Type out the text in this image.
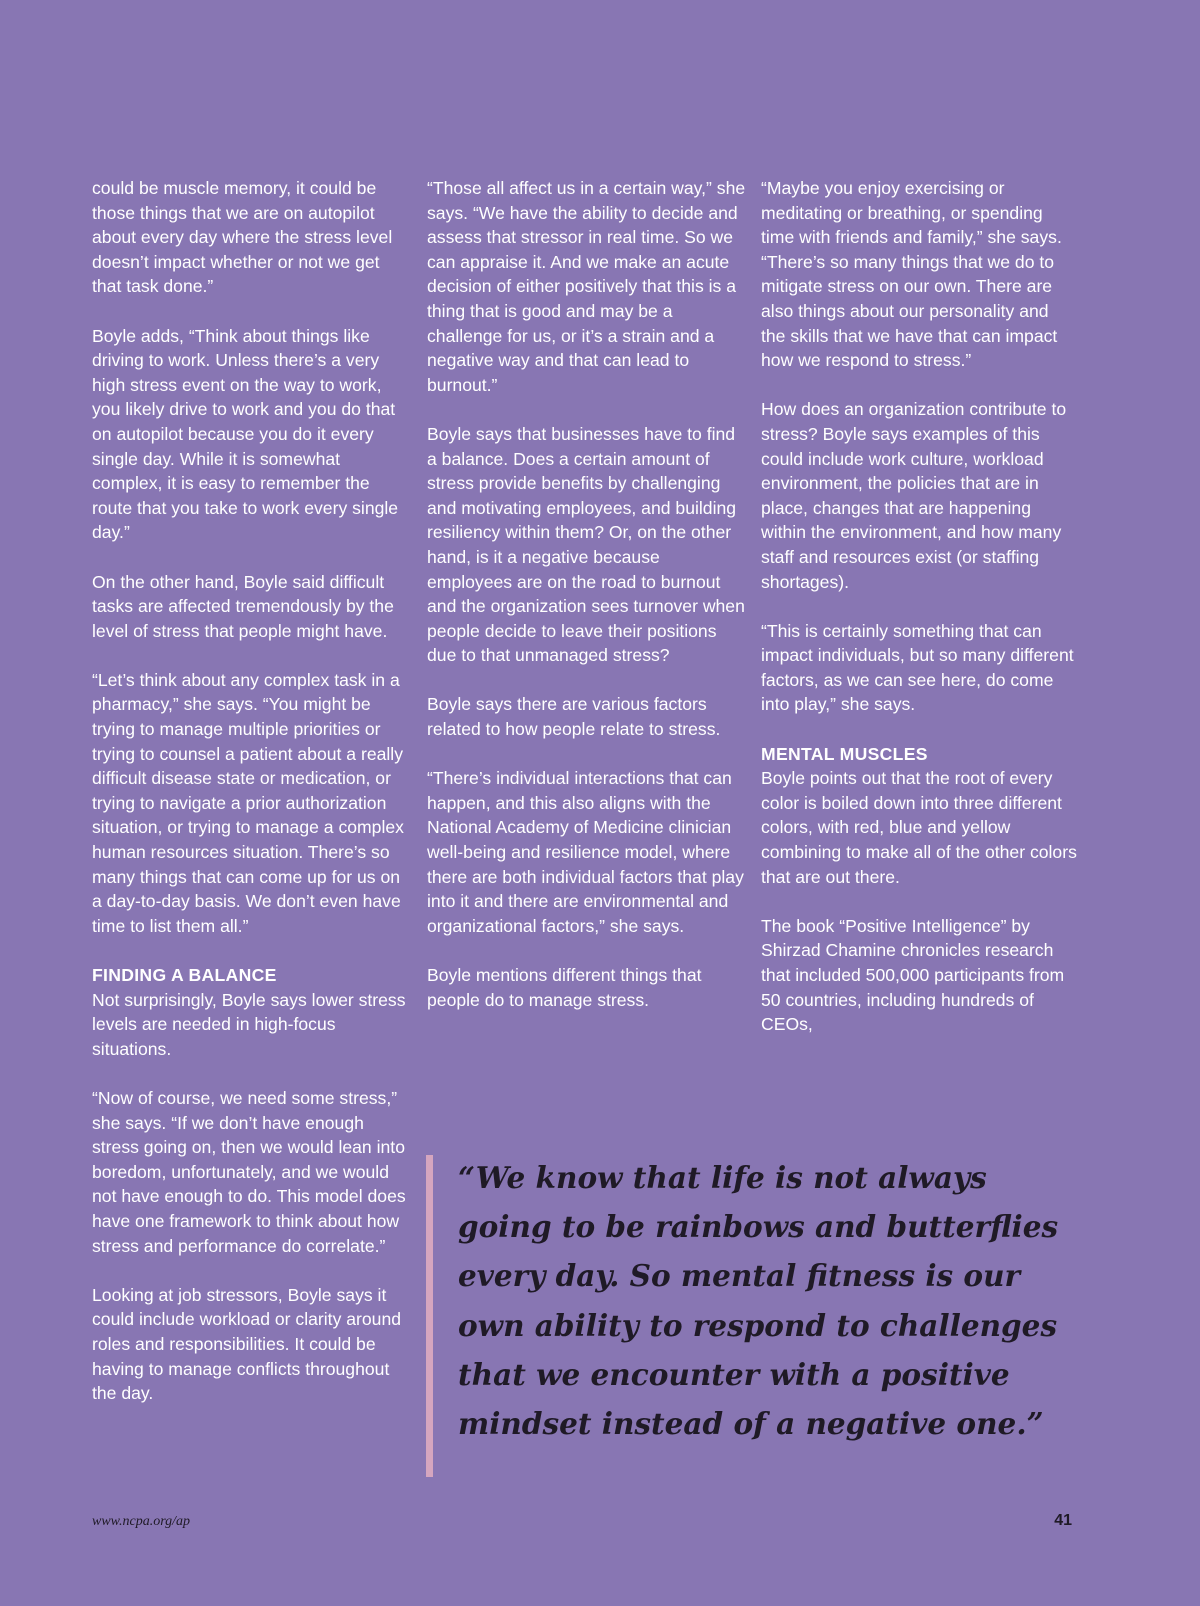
could be muscle memory, it could be those things that we are on autopilot about every day where the stress level doesn’t impact whether or not we get that task done.”

Boyle adds, “Think about things like driving to work. Unless there’s a very high stress event on the way to work, you likely drive to work and you do that on autopilot because you do it every single day. While it is somewhat complex, it is easy to remember the route that you take to work every single day.”

On the other hand, Boyle said difficult tasks are affected tremendously by the level of stress that people might have.

“Let’s think about any complex task in a pharmacy,” she says. “You might be trying to manage multiple priorities or trying to counsel a patient about a really difficult disease state or medication, or trying to navigate a prior authorization situation, or trying to manage a complex human resources situation. There’s so many things that can come up for us on a day-to-day basis. We don’t even have time to list them all.”

FINDING A BALANCE

Not surprisingly, Boyle says lower stress levels are needed in high-focus situations.

“Now of course, we need some stress,” she says. “If we don’t have enough stress going on, then we would lean into boredom, unfortunately, and we would not have enough to do. This model does have one framework to think about how stress and performance do correlate.”

Looking at job stressors, Boyle says it could include workload or clarity around roles and responsibilities. It could be having to manage conflicts throughout the day.

“Those all affect us in a certain way,” she says. “We have the ability to decide and assess that stressor in real time. So we can appraise it. And we make an acute decision of either positively that this is a thing that is good and may be a challenge for us, or it’s a strain and a negative way and that can lead to burnout.”

Boyle says that businesses have to find a balance. Does a certain amount of stress provide benefits by challenging and motivating employees, and building resiliency within them? Or, on the other hand, is it a negative because employees are on the road to burnout and the organization sees turnover when people decide to leave their positions due to that unmanaged stress?

Boyle says there are various factors related to how people relate to stress.

“There’s individual interactions that can happen, and this also aligns with the National Academy of Medicine clinician well-being and resilience model, where there are both individual factors that play into it and there are environmental and organizational factors,” she says.

Boyle mentions different things that people do to manage stress.

“Maybe you enjoy exercising or meditating or breathing, or spending time with friends and family,” she says. “There’s so many things that we do to mitigate stress on our own. There are also things about our personality and the skills that we have that can impact how we respond to stress.”

How does an organization contribute to stress? Boyle says examples of this could include work culture, workload environment, the policies that are in place, changes that are happening within the environment, and how many staff and resources exist (or staffing shortages).

“This is certainly something that can impact individuals, but so many different factors, as we can see here, do come into play,” she says.

MENTAL MUSCLES

Boyle points out that the root of every color is boiled down into three different colors, with red, blue and yellow combining to make all of the other colors that are out there.

The book “Positive Intelligence” by Shirzad Chamine chronicles research that included 500,000 participants from 50 countries, including hundreds of CEOs,

“We know that life is not always going to be rainbows and butterflies every day. So mental fitness is our own ability to respond to challenges that we encounter with a positive mindset instead of a negative one.”

www.ncpa.org/ap	41
